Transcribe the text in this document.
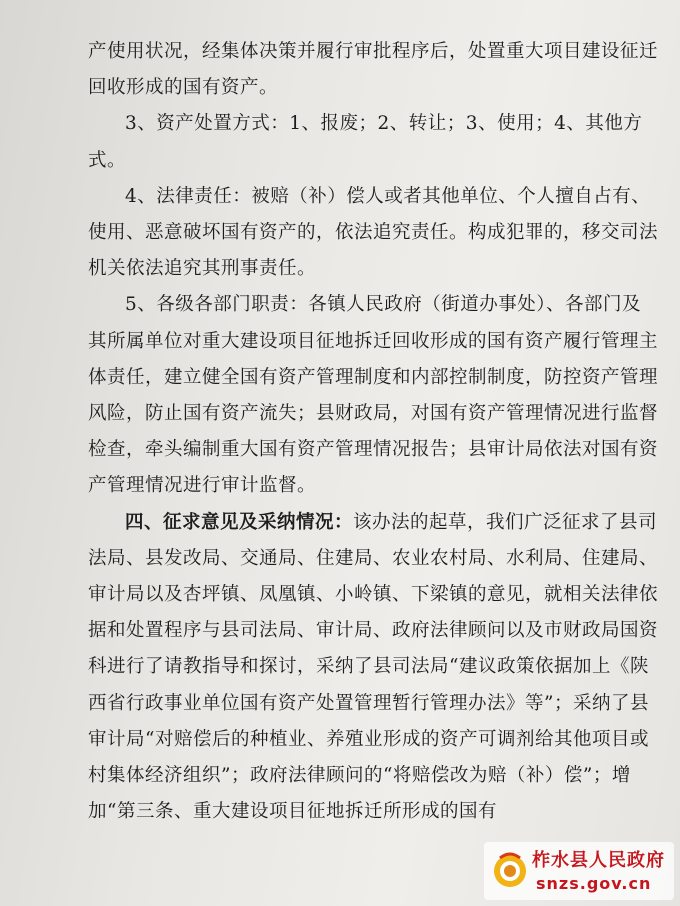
产使用状况，经集体决策并履行审批程序后，处置重大项目建设征迁回收形成的国有资产。

3、资产处置方式：1、报废；2、转让；3、使用；4、其他方式。

4、法律责任：被赔（补）偿人或者其他单位、个人擅自占有、使用、恶意破坏国有资产的，依法追究责任。构成犯罪的，移交司法机关依法追究其刑事责任。

5、各级各部门职责：各镇人民政府（街道办事处）、各部门及其所属单位对重大建设项目征地拆迁回收形成的国有资产履行管理主体责任，建立健全国有资产管理制度和内部控制制度，防控资产管理风险，防止国有资产流失；县财政局，对国有资产管理情况进行监督检查，牵头编制重大国有资产管理情况报告；县审计局依法对国有资产管理情况进行审计监督。

四、征求意见及采纳情况：该办法的起草，我们广泛征求了县司法局、县发改局、交通局、住建局、农业农村局、水利局、住建局、审计局以及杏坪镇、凤凰镇、小岭镇、下梁镇的意见，就相关法律依据和处置程序与县司法局、审计局、政府法律顾问以及市财政局国资科进行了请教指导和探讨，采纳了县司法局“建议政策依据加上《陕西省行政事业单位国有资产处置管理暂行管理办法》等”；采纳了县审计局“对赔偿后的种植业、养殖业形成的资产可调剂给其他项目或村集体经济组织”；政府法律顾问的“将赔偿改为赔（补）偿”；增加“第三条、重大建设项目征地拆迁所形成的国有

柞水县人民政府
snzs.gov.cn
